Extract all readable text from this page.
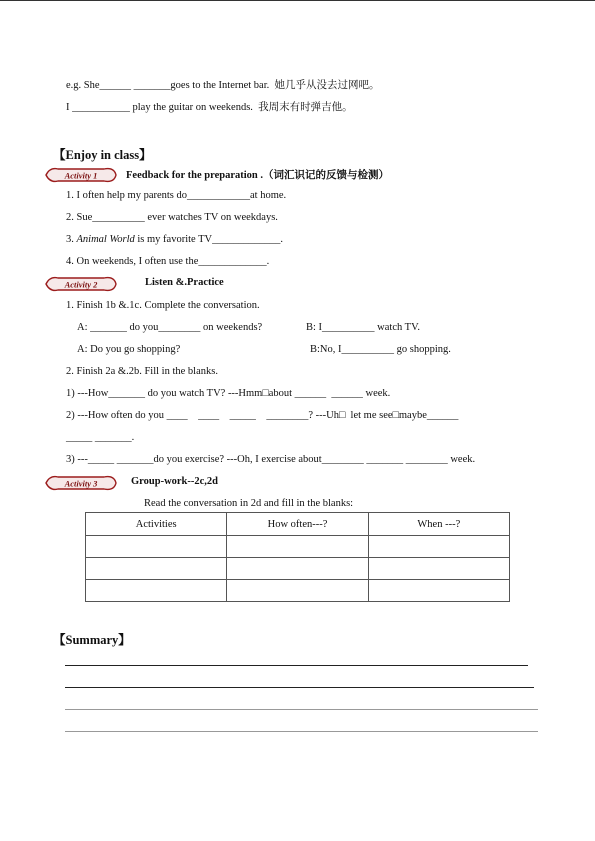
e.g. She______ _______goes to the Internet bar.  她几乎从没去过网吧。
I ___________ play the guitar on weekends.  我周末有时弹吉他。
【Enjoy in class】
Activity 1	Feedback for the preparation .（词汇识记的反馈与检测）
1. I often help my parents do____________at home.
2. Sue__________ ever watches TV on weekdays.
3. Animal World is my favorite TV_____________.
4. On weekends, I often use the_____________.
Activity 2	Listen &.Practice
1. Finish 1b &.1c. Complete the conversation.
A: _______ do you________ on weekends?	B: I__________ watch TV.
A: Do you go shopping?	B:No, I__________ go shopping.
2. Finish 2a &.2b. Fill in the blanks.
1) ---How_______ do you watch TV? ---Hmm□about ______  ______ week.
2) ---How often do you ____    ____    _____    ________? ---Uh□  let me see□maybe______
_____ _______.
3) ---_____ _______do you exercise? ---Oh, I exercise about________ _______ ________ week.
Activity 3	Group-work--2c,2d
Read the conversation in 2d and fill in the blanks:
Activities	How often---?	When ---?

【Summary】
